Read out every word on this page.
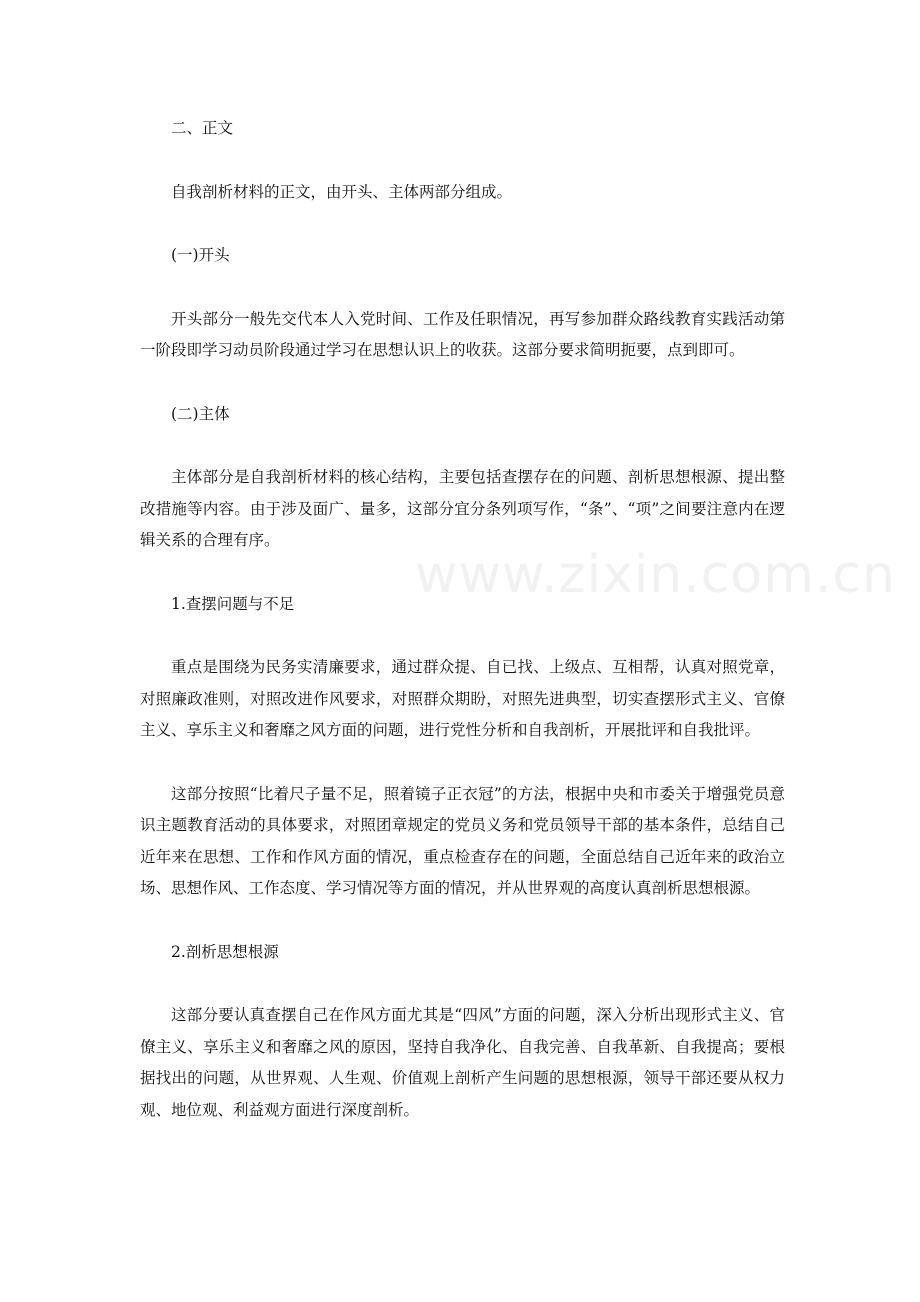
www.zixin.com.cn

二、正文

自我剖析材料的正文，由开头、主体两部分组成。

(一)开头

开头部分一般先交代本人入党时间、工作及任职情况，再写参加群众路线教育实践活动第一阶段即学习动员阶段通过学习在思想认识上的收获。这部分要求简明扼要，点到即可。

(二)主体

主体部分是自我剖析材料的核心结构，主要包括查摆存在的问题、剖析思想根源、提出整改措施等内容。由于涉及面广、量多，这部分宜分条列项写作，“条”、“项”之间要注意内在逻辑关系的合理有序。

1.查摆问题与不足

重点是围绕为民务实清廉要求，通过群众提、自已找、上级点、互相帮，认真对照党章，对照廉政准则，对照改进作风要求，对照群众期盼，对照先进典型，切实查摆形式主义、官僚主义、享乐主义和奢靡之风方面的问题，进行党性分析和自我剖析，开展批评和自我批评。

这部分按照“比着尺子量不足，照着镜子正衣冠”的方法，根据中央和市委关于增强党员意识主题教育活动的具体要求，对照团章规定的党员义务和党员领导干部的基本条件，总结自己近年来在思想、工作和作风方面的情况，重点检查存在的问题，全面总结自己近年来的政治立场、思想作风、工作态度、学习情况等方面的情况，并从世界观的高度认真剖析思想根源。

2.剖析思想根源

这部分要认真查摆自己在作风方面尤其是“四风”方面的问题，深入分析出现形式主义、官僚主义、享乐主义和奢靡之风的原因，坚持自我净化、自我完善、自我革新、自我提高；要根据找出的问题，从世界观、人生观、价值观上剖析产生问题的思想根源，领导干部还要从权力观、地位观、利益观方面进行深度剖析。
